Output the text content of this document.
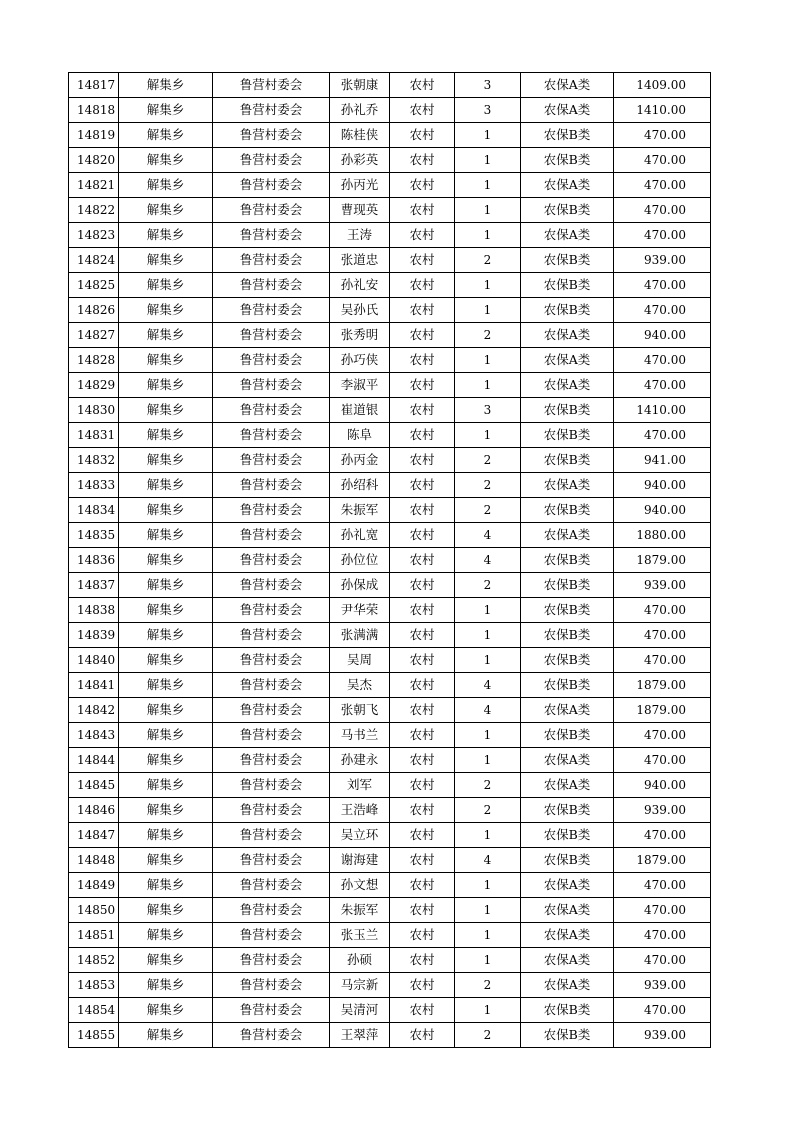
14817	解集乡	鲁营村委会	张朝康	农村	3	农保A类	1409.00
14818	解集乡	鲁营村委会	孙礼乔	农村	3	农保A类	1410.00
14819	解集乡	鲁营村委会	陈桂侠	农村	1	农保B类	470.00
14820	解集乡	鲁营村委会	孙彩英	农村	1	农保B类	470.00
14821	解集乡	鲁营村委会	孙丙光	农村	1	农保A类	470.00
14822	解集乡	鲁营村委会	曹现英	农村	1	农保B类	470.00
14823	解集乡	鲁营村委会	王涛	农村	1	农保A类	470.00
14824	解集乡	鲁营村委会	张道忠	农村	2	农保B类	939.00
14825	解集乡	鲁营村委会	孙礼安	农村	1	农保B类	470.00
14826	解集乡	鲁营村委会	吴孙氏	农村	1	农保B类	470.00
14827	解集乡	鲁营村委会	张秀明	农村	2	农保A类	940.00
14828	解集乡	鲁营村委会	孙巧侠	农村	1	农保A类	470.00
14829	解集乡	鲁营村委会	李淑平	农村	1	农保A类	470.00
14830	解集乡	鲁营村委会	崔道银	农村	3	农保B类	1410.00
14831	解集乡	鲁营村委会	陈阜	农村	1	农保B类	470.00
14832	解集乡	鲁营村委会	孙丙金	农村	2	农保B类	941.00
14833	解集乡	鲁营村委会	孙绍科	农村	2	农保A类	940.00
14834	解集乡	鲁营村委会	朱振军	农村	2	农保B类	940.00
14835	解集乡	鲁营村委会	孙礼宽	农村	4	农保A类	1880.00
14836	解集乡	鲁营村委会	孙位位	农村	4	农保B类	1879.00
14837	解集乡	鲁营村委会	孙保成	农村	2	农保B类	939.00
14838	解集乡	鲁营村委会	尹华荣	农村	1	农保B类	470.00
14839	解集乡	鲁营村委会	张满满	农村	1	农保B类	470.00
14840	解集乡	鲁营村委会	吴周	农村	1	农保B类	470.00
14841	解集乡	鲁营村委会	吴杰	农村	4	农保B类	1879.00
14842	解集乡	鲁营村委会	张朝飞	农村	4	农保A类	1879.00
14843	解集乡	鲁营村委会	马书兰	农村	1	农保B类	470.00
14844	解集乡	鲁营村委会	孙建永	农村	1	农保A类	470.00
14845	解集乡	鲁营村委会	刘军	农村	2	农保A类	940.00
14846	解集乡	鲁营村委会	王浩峰	农村	2	农保B类	939.00
14847	解集乡	鲁营村委会	吴立环	农村	1	农保B类	470.00
14848	解集乡	鲁营村委会	谢海建	农村	4	农保B类	1879.00
14849	解集乡	鲁营村委会	孙文想	农村	1	农保A类	470.00
14850	解集乡	鲁营村委会	朱振军	农村	1	农保A类	470.00
14851	解集乡	鲁营村委会	张玉兰	农村	1	农保A类	470.00
14852	解集乡	鲁营村委会	孙硕	农村	1	农保A类	470.00
14853	解集乡	鲁营村委会	马宗新	农村	2	农保A类	939.00
14854	解集乡	鲁营村委会	吴清河	农村	1	农保B类	470.00
14855	解集乡	鲁营村委会	王翠萍	农村	2	农保B类	939.00
